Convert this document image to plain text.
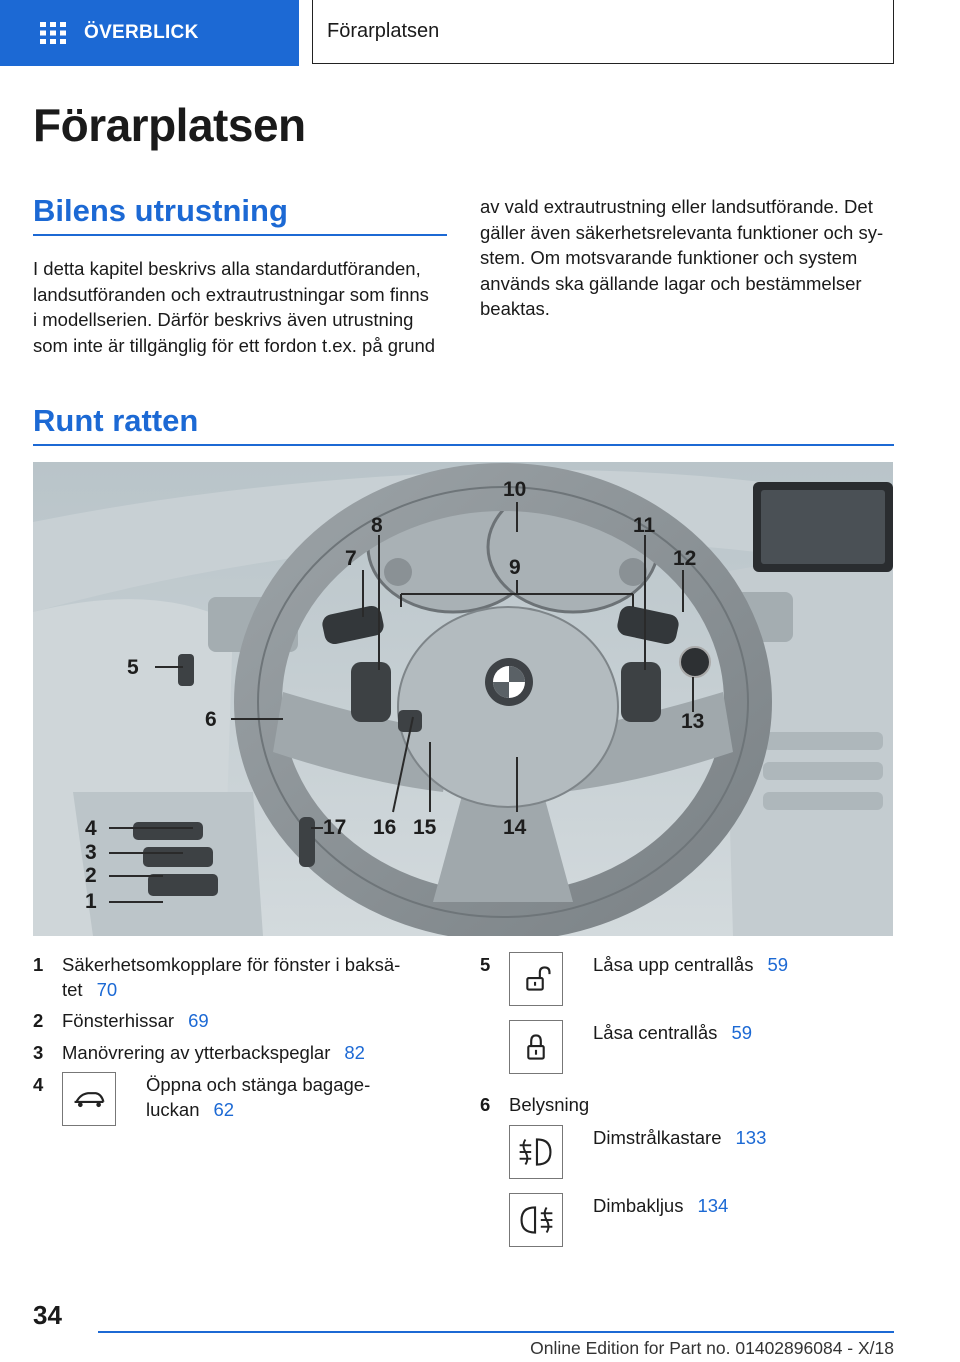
ÖVERBLICK	Förarplatsen
Förarplatsen
Bilens utrustning
I detta kapitel beskrivs alla standardutföranden,
landsutföranden och extrautrustningar som finns
i modellserien. Därför beskrivs även utrustning
som inte är tillgänglig för ett fordon t.ex. på grund
av vald extrautrustning eller landsutförande. Det
gäller även säkerhetsrelevanta funktioner och sy-
stem. Om motsvarande funktioner och system
används ska gällande lagar och bestämmelser
beaktas.
Runt ratten
4
3
2
1
5
6
7
8
9
10
11
12
13
14
15
16
17
1 Säkerhetsomkopplare för fönster i baksä-
tet 70
2 Fönsterhissar 69
3 Manövrering av ytterbackspeglar 82
4	Öppna och stänga bagage-
luckan 62
5	Låsa upp centrallås 59
Låsa centrallås 59
6 Belysning
Dimstrålkastare 133
Dimbakljus 134
34
Online Edition for Part no. 01402896084 - X/18
